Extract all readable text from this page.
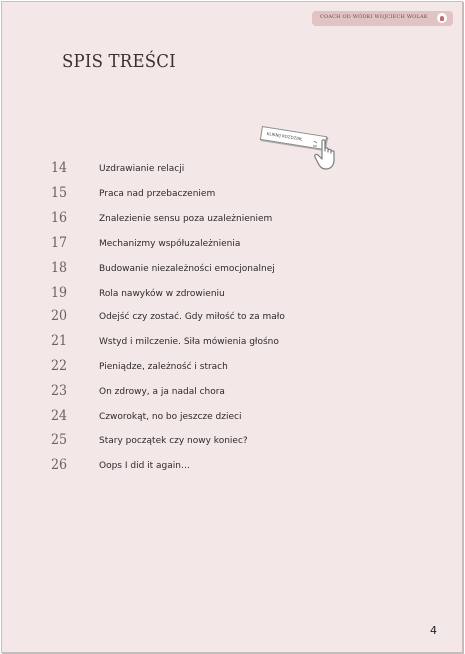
COACH OD WÓDKI WOJCIECH WOLAK
SPIS TREŚCI
KLIKNIJ ROZDZIAŁ
14	Uzdrawianie relacji
15	Praca nad przebaczeniem
16	Znalezienie sensu poza uzależnieniem
17	Mechanizmy współuzależnienia
18	Budowanie niezależności emocjonalnej
19	Rola nawyków w zdrowieniu
20	Odejść czy zostać. Gdy miłość to za mało
21	Wstyd i milczenie. Siła mówienia głośno
22	Pieniądze, zależność i strach
23	On zdrowy, a ja nadal chora
24	Czworokąt, no bo jeszcze dzieci
25	Stary początek czy nowy koniec?
26	Oops I did it again…
4
